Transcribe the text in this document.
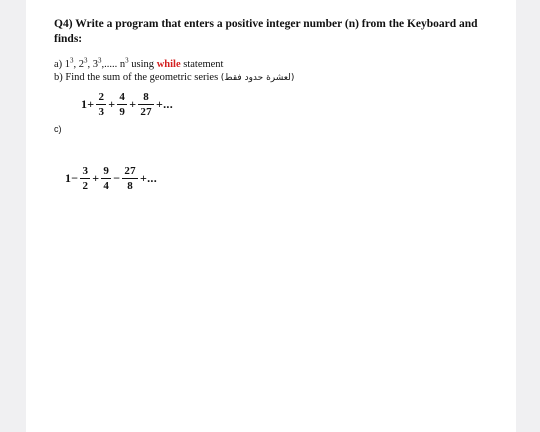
Q4) Write a program that enters a positive integer number (n) from the Keyboard and finds:
a) $1^3$, $2^3$, $3^3$,..... $n^3$ using while statement
b) Find the sum of the geometric series (لعشرة حدود فقط)
$1+ \frac{2}{3} + \frac{4}{9} + \frac{8}{27}$ +...
c)
$1- \frac{3}{2} + \frac{9}{4} - \frac{27}{8}$ +...
